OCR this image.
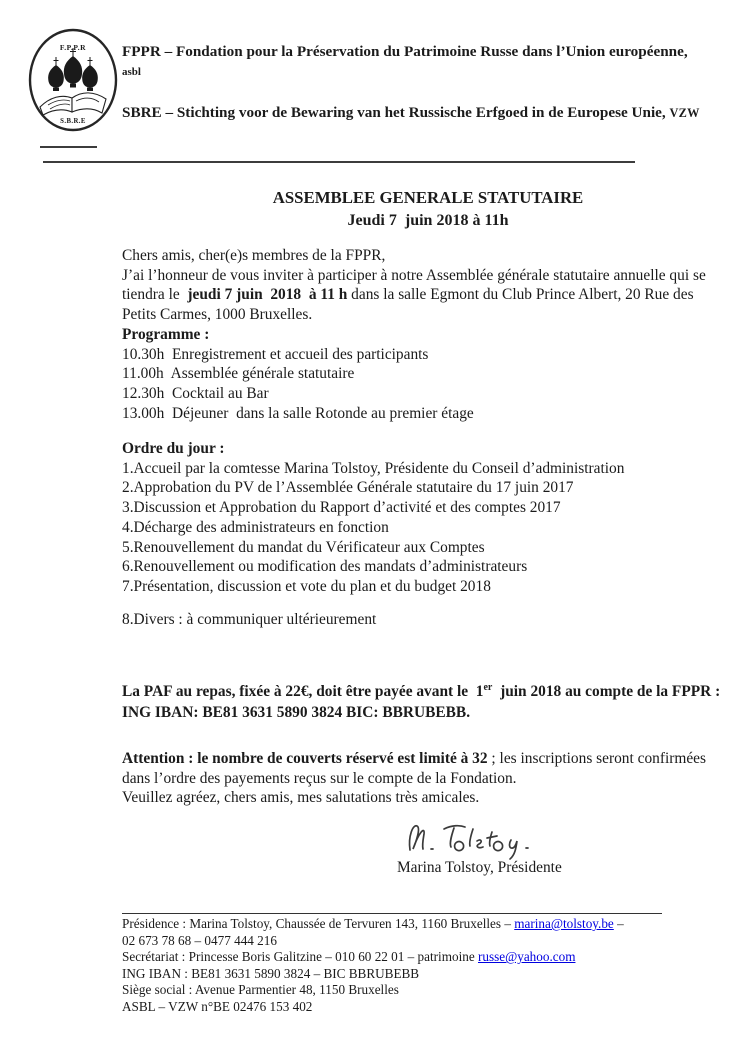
F.P.P.R
S.B.R.E
FPPR – Fondation pour la Préservation du Patrimoine Russe dans l’Union européenne,
asbl
SBRE – Stichting voor de Bewaring van het Russische Erfgoed in de Europese Unie, VZW
ASSEMBLEE GENERALE STATUTAIRE
Jeudi 7  juin 2018 à 11h
Chers amis, cher(e)s membres de la FPPR,
J’ai l’honneur de vous inviter à participer à notre Assemblée générale statutaire annuelle qui se tiendra le  jeudi 7 juin  2018  à 11 h dans la salle Egmont du Club Prince Albert, 20 Rue des Petits Carmes, 1000 Bruxelles.
Programme :
10.30h  Enregistrement et accueil des participants
11.00h  Assemblée générale statutaire
12.30h  Cocktail au Bar
13.00h  Déjeuner  dans la salle Rotonde au premier étage
Ordre du jour :
1.Accueil par la comtesse Marina Tolstoy, Présidente du Conseil d’administration
2.Approbation du PV de l’Assemblée Générale statutaire du 17 juin 2017
3.Discussion et Approbation du Rapport d’activité et des comptes 2017
4.Décharge des administrateurs en fonction
5.Renouvellement du mandat du Vérificateur aux Comptes
6.Renouvellement ou modification des mandats d’administrateurs
7.Présentation, discussion et vote du plan et du budget 2018
8.Divers : à communiquer ultérieurement
La PAF au repas, fixée à 22€, doit être payée avant le  1er  juin 2018 au compte de la FPPR :   ING IBAN: BE81 3631 5890 3824 BIC: BBRUBEBB.
Attention : le nombre de couverts réservé est limité à 32 ; les inscriptions seront confirmées dans l’ordre des payements reçus sur le compte de la Fondation.
Veuillez agréez, chers amis, mes salutations très amicales.
Marina Tolstoy, Présidente
Présidence : Marina Tolstoy, Chaussée de Tervuren 143, 1160 Bruxelles – marina@tolstoy.be –
02 673 78 68 – 0477 444 216
Secrétariat : Princesse Boris Galitzine – 010 60 22 01 – patrimoine russe@yahoo.com
ING IBAN : BE81 3631 5890 3824 – BIC BBRUBEBB
Siège social : Avenue Parmentier 48, 1150 Bruxelles
ASBL – VZW n°BE 02476 153 402
